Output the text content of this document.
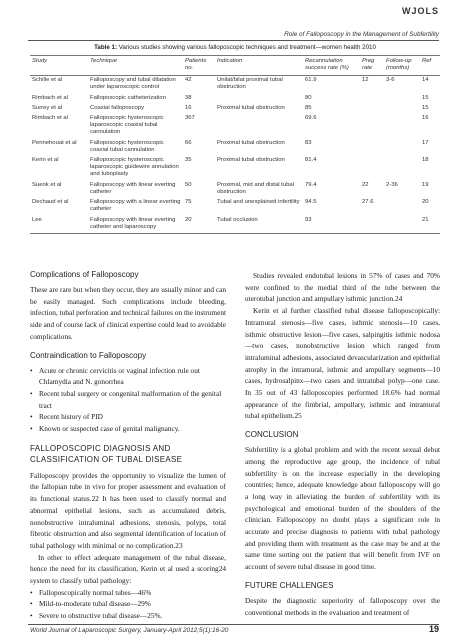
WJOLS
Role of Falloposcopy in the Management of Subfertility
Table 1: Various studies showing various falloposcopic techniques and treatment—women health 2010
Study	Technique	Patients no.	Indication	Recannulation success rate (%)	Preg rate	Follow-up (months)	Ref
Schille et al	Falloposcopy and tubal dilatation under laparoscopic control	42	Unilat/bilat proximal tubal obstruction	61.9	12	3-6	14
Rimbach et al	Falloposcopic catheterization	38		80			15
Surrey et al	Coaxial falloposcopy	16	Proximal tubal obstruction	85			15
Rimbach et al	Falloposcopic hysteroscopic laparoscopic coaxial tubal cannulation	367		69.6			16
Pennehouat et al	Falloposcopic hysteroscopic coaxial tubal cannulation	66	Proximal tubal obstruction	83			17
Kerin et al	Falloposcopic hysteroscopic laparoscopic guidewire annulation and tuboplasty	35	Proximal tubal obstruction	81.4			18
Sueok et al	Falloposcopy with linear everting catheter	50	Proximal, mid and distal tubal obstruction	79.4	22	2-36	19
Dechaud et al	Falloposcopy with a linear everting catheter	75	Tubal and unexplained infertility	94.5	27.6		20
Lee	Falloposcopy with linear everting catheter and laparoscopy	20	Tubal occlusion	93			21
Complications of Falloposcopy

These are rare but when they occur, they are usually minor and can be easily managed. Such complications include bleeding, infection, tubal perforation and technical failures on the instrument side and of course lack of clinical expertise could lead to avoidable complications.

Contraindication to Falloposcopy
• Acute or chronic cervicitis or vaginal infection rule out Chlamydia and N. gonorrhea
• Recent tubal surgery or congenital malformation of the genital tract
• Recent history of PID
• Known or suspected case of genital malignancy.
FALLOPOSCOPIC DIAGNOSIS AND
CLASSIFICATION OF TUBAL DISEASE

Falloposcopy provides the opportunity to visualize the lumen of the fallopian tube in vivo for proper assessment and evaluation of its functional status.22 It has been used to classify normal and abnormal epithelial lesions, such as accumulated debris, nonobstructive intraluminal adhesions, stenosis, polyps, total fibrotic obstruction and also segmental identification of location of tubal pathology with minimal or no complication.23

In other to effect adequate management of the tubal disease, hence the need for its classification, Kerin et al used a scoring24 system to classify tubal pathology:

• Falloposcopically normal tubes—46%
• Mild-to-moderate tubal disease—29%
• Severe to obstructive tubal disease—25%.

Studies revealed endotubal lesions in 57% of cases and 70% were confined to the medial third of the tube between the uterotubal junction and ampullary isthmic junction.24

Kerin et al further classified tubal disease falloposcopically: Intramural stenosis—five cases, isthmic stenosis—10 cases, isthmic obstructive lesion—five cases, salpingitis isthmic nodosa—two cases, nonobstructive lesion which ranged from intraluminal adhesions, associated devascularization and epithelial atrophy in the intramural, isthmic and ampullary segments—10 cases, hydrosalpinx—two cases and intratubal polyp—one case. In 35 out of 43 falloposcopies performed 18.6% had normal appearance of the fimbrial, ampullary, isthmic and intramural tubal epithelium.25

CONCLUSION

Subfertility is a global problem and with the recent sexual debut among the reproductive age group, the incidence of tubal subfertility is on the increase especially in the developing countries; hence, adequate knowledge about falloposcopy will go a long way in alleviating the burden of subfertility with its psychological and emotional burden of the shoulders of the clinician. Falloposcopy no doubt plays a significant role in accurate and precise diagnosis to patients with tubal pathology and providing them with treatment as the case may be and at the same time sorting out the patient that will benefit from IVF on account of severe tubal disease in good time.

FUTURE CHALLENGES

Despite the diagnostic superiority of falloposcopy over the conventional methods in the evaluation and treatment of

World Journal of Laparoscopic Surgery, January-April 2012;5(1):16-20	19
